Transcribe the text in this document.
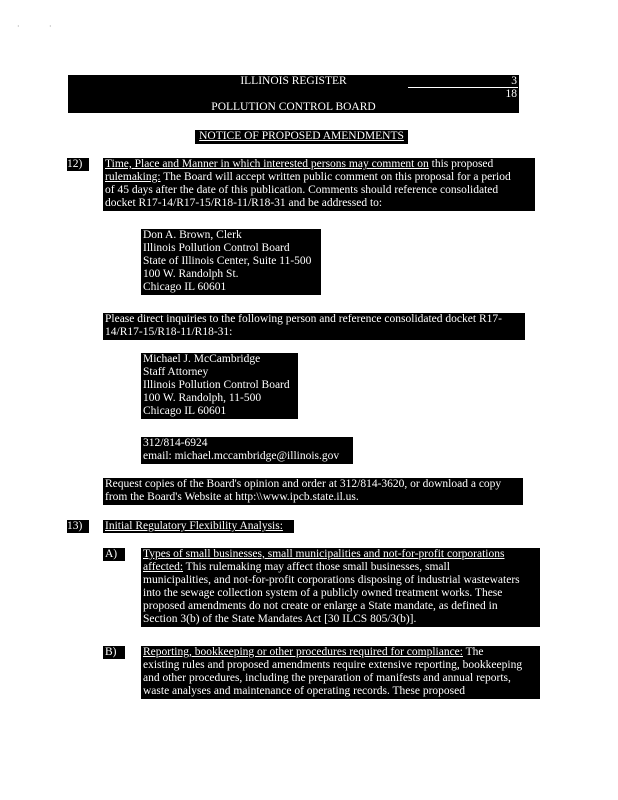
·	·
ILLINOIS REGISTER	3
18
POLLUTION CONTROL BOARD
NOTICE OF PROPOSED AMENDMENTS
12)	Time, Place and Manner in which interested persons may comment on this proposed
rulemaking: The Board will accept written public comment on this proposal for a period
of 45 days after the date of this publication. Comments should reference consolidated
docket R17-14/R17-15/R18-11/R18-31 and be addressed to:
Don A. Brown, Clerk
Illinois Pollution Control Board
State of Illinois Center, Suite 11-500
100 W. Randolph St.
Chicago IL 60601
Please direct inquiries to the following person and reference consolidated docket R17-
14/R17-15/R18-11/R18-31:
Michael J. McCambridge
Staff Attorney
Illinois Pollution Control Board
100 W. Randolph, 11-500
Chicago IL 60601
312/814-6924
email: michael.mccambridge@illinois.gov
Request copies of the Board's opinion and order at 312/814-3620, or download a copy
from the Board's Website at http:\\www.ipcb.state.il.us.
13)	Initial Regulatory Flexibility Analysis:
A)	Types of small businesses, small municipalities and not-for-profit corporations
affected: This rulemaking may affect those small businesses, small
municipalities, and not-for-profit corporations disposing of industrial wastewaters
into the sewage collection system of a publicly owned treatment works. These
proposed amendments do not create or enlarge a State mandate, as defined in
Section 3(b) of the State Mandates Act [30 ILCS 805/3(b)].
B)	Reporting, bookkeeping or other procedures required for compliance: The
existing rules and proposed amendments require extensive reporting, bookkeeping
and other procedures, including the preparation of manifests and annual reports,
waste analyses and maintenance of operating records. These proposed
